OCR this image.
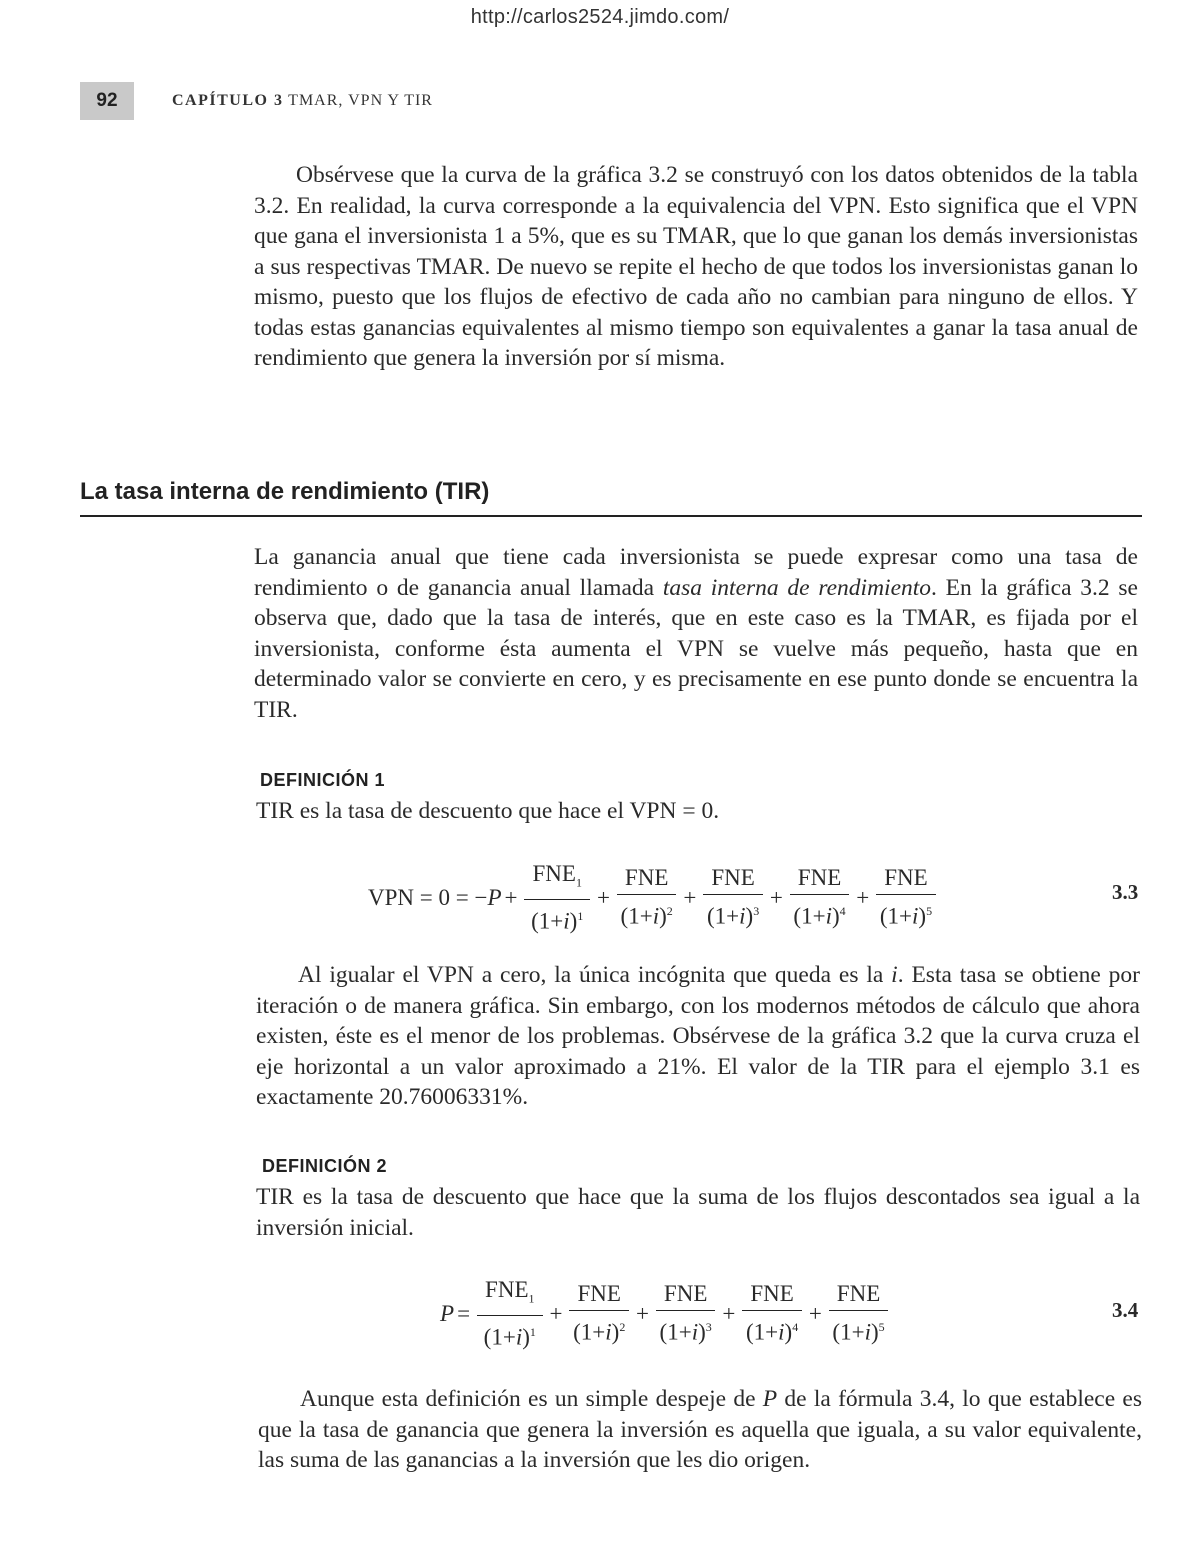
http://carlos2524.jimdo.com/
92	CAPÍTULO 3 TMAR, VPN Y TIR

Obsérvese que la curva de la gráfica 3.2 se construyó con los datos obtenidos de la tabla 3.2. En realidad, la curva corresponde a la equivalencia del VPN. Esto significa que el VPN que gana el inversionista 1 a 5%, que es su TMAR, que lo que ganan los demás inversionistas a sus respectivas TMAR. De nuevo se repite el hecho de que todos los inversionistas ganan lo mismo, puesto que los flujos de efectivo de cada año no cambian para ninguno de ellos. Y todas estas ganancias equivalentes al mismo tiempo son equivalentes a ganar la tasa anual de rendimiento que genera la inversión por sí misma.

La tasa interna de rendimiento (TIR)

La ganancia anual que tiene cada inversionista se puede expresar como una tasa de rendimiento o de ganancia anual llamada tasa interna de rendimiento. En la gráfica 3.2 se observa que, dado que la tasa de interés, que en este caso es la TMAR, es fijada por el inversionista, conforme ésta aumenta el VPN se vuelve más pequeño, hasta que en determinado valor se convierte en cero, y es precisamente en ese punto donde se encuentra la TIR.

DEFINICIÓN 1

TIR es la tasa de descuento que hace el VPN = 0.

VPN = 0 = − $P + \frac{FNE_1}{(1+i)^1} + \frac{\text{FNE}}{(1+i)^2} + \frac{\text{FNE}}{(1+i)^3} + \frac{\text{FNE}}{(1+i)^4} + \frac{\text{FNE}}{(1+i)^5}$	3.3

Al igualar el VPN a cero, la única incógnita que queda es la i. Esta tasa se obtiene por iteración o de manera gráfica. Sin embargo, con los modernos métodos de cálculo que ahora existen, éste es el menor de los problemas. Obsérvese de la gráfica 3.2 que la curva cruza el eje horizontal a un valor aproximado a 21%. El valor de la TIR para el ejemplo 3.1 es exactamente 20.76006331%.

DEFINICIÓN 2

TIR es la tasa de descuento que hace que la suma de los flujos descontados sea igual a la inversión inicial.

$P = \frac{FNE_1}{(1+i)^1} + \frac{\text{FNE}}{(1+i)^2} + \frac{\text{FNE}}{(1+i)^3} + \frac{\text{FNE}}{(1+i)^4} + \frac{\text{FNE}}{(1+i)^5}$	3.4

Aunque esta definición es un simple despeje de P de la fórmula 3.4, lo que establece es que la tasa de ganancia que genera la inversión es aquella que iguala, a su valor equivalente, las suma de las ganancias a la inversión que les dio origen.
